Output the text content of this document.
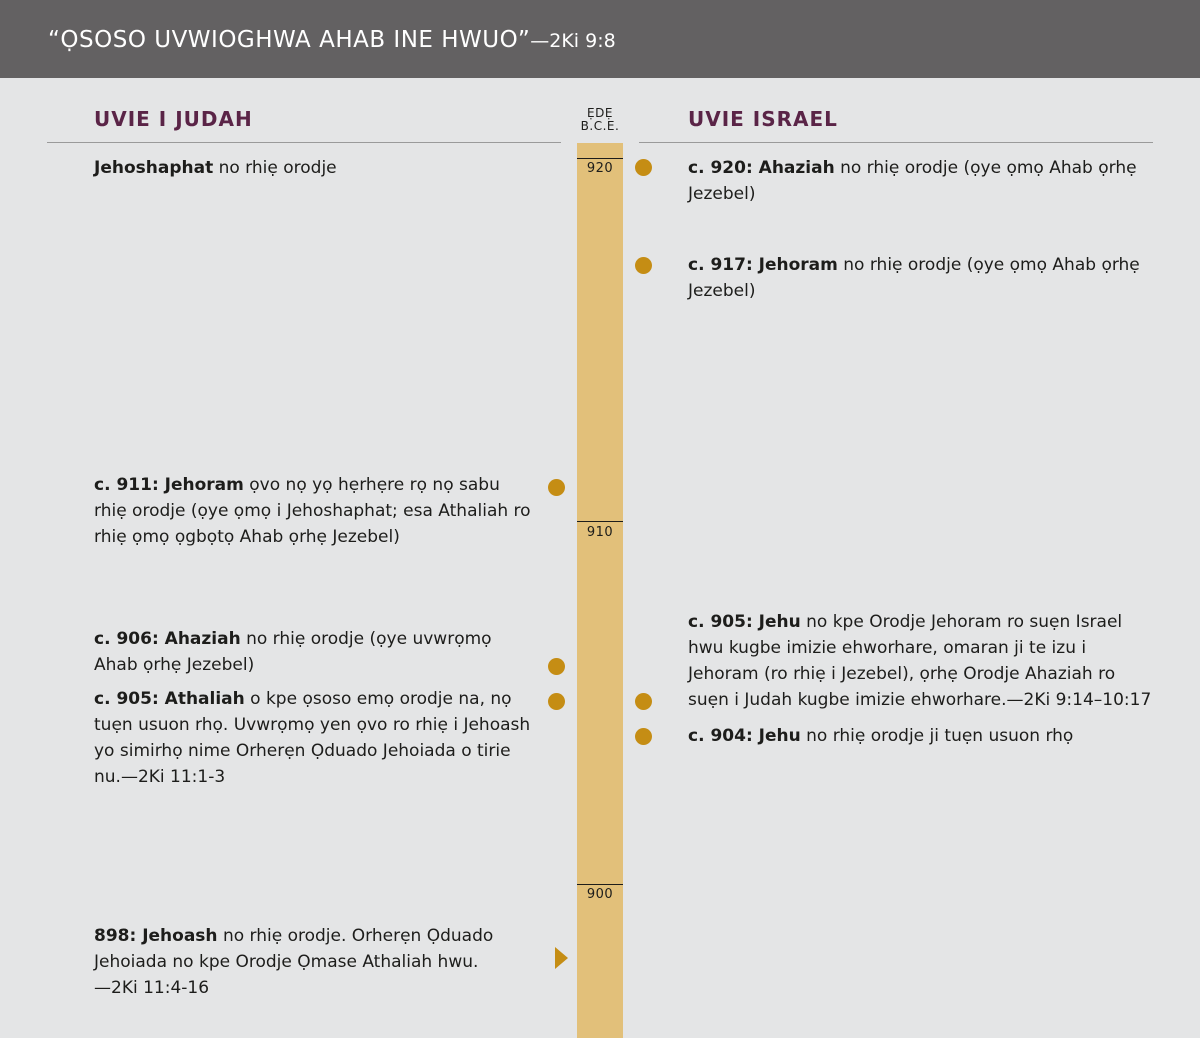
“ỌSOSO UVWIOGHWA AHAB INE HWUO”—2Ki 9:8
UVIE I JUDAH	UVIE ISRAEL
ẸDẸ
B.C.E.
920
910
900
Jehoshaphat no rhiẹ orodje
c. 911: Jehoram ọvo nọ yọ hẹrhẹre rọ nọ sabu rhiẹ orodje (ọye ọmọ i Jehoshaphat; esa Athaliah ro rhiẹ ọmọ ọgbọtọ Ahab ọrhẹ Jezebel)
c. 906: Ahaziah no rhiẹ orodje (ọye uvwrọmọ Ahab ọrhẹ Jezebel)
c. 905: Athaliah o kpe ọsoso emọ orodje na, nọ tuẹn usuon rhọ. Uvwrọmọ yen ọvo ro rhiẹ i Jehoash yo simirhọ nime Orherẹn Ọduado Jehoiada o tirie nu.—2Ki 11:1-3
898: Jehoash no rhiẹ orodje. Orherẹn Ọduado Jehoiada no kpe Orodje Ọmase Athaliah hwu.
—2Ki 11:4-16
c. 920: Ahaziah no rhiẹ orodje (ọye ọmọ Ahab ọrhẹ Jezebel)
c. 917: Jehoram no rhiẹ orodje (ọye ọmọ Ahab ọrhẹ Jezebel)
c. 905: Jehu no kpe Orodje Jehoram ro suẹn Israel hwu kugbe imizie ehworhare, omaran ji te izu i Jehoram (ro rhiẹ i Jezebel), ọrhẹ Orodje Ahaziah ro suẹn i Judah kugbe imizie ehworhare.—2Ki 9:14–10:17
c. 904: Jehu no rhiẹ orodje ji tuẹn usuon rhọ
